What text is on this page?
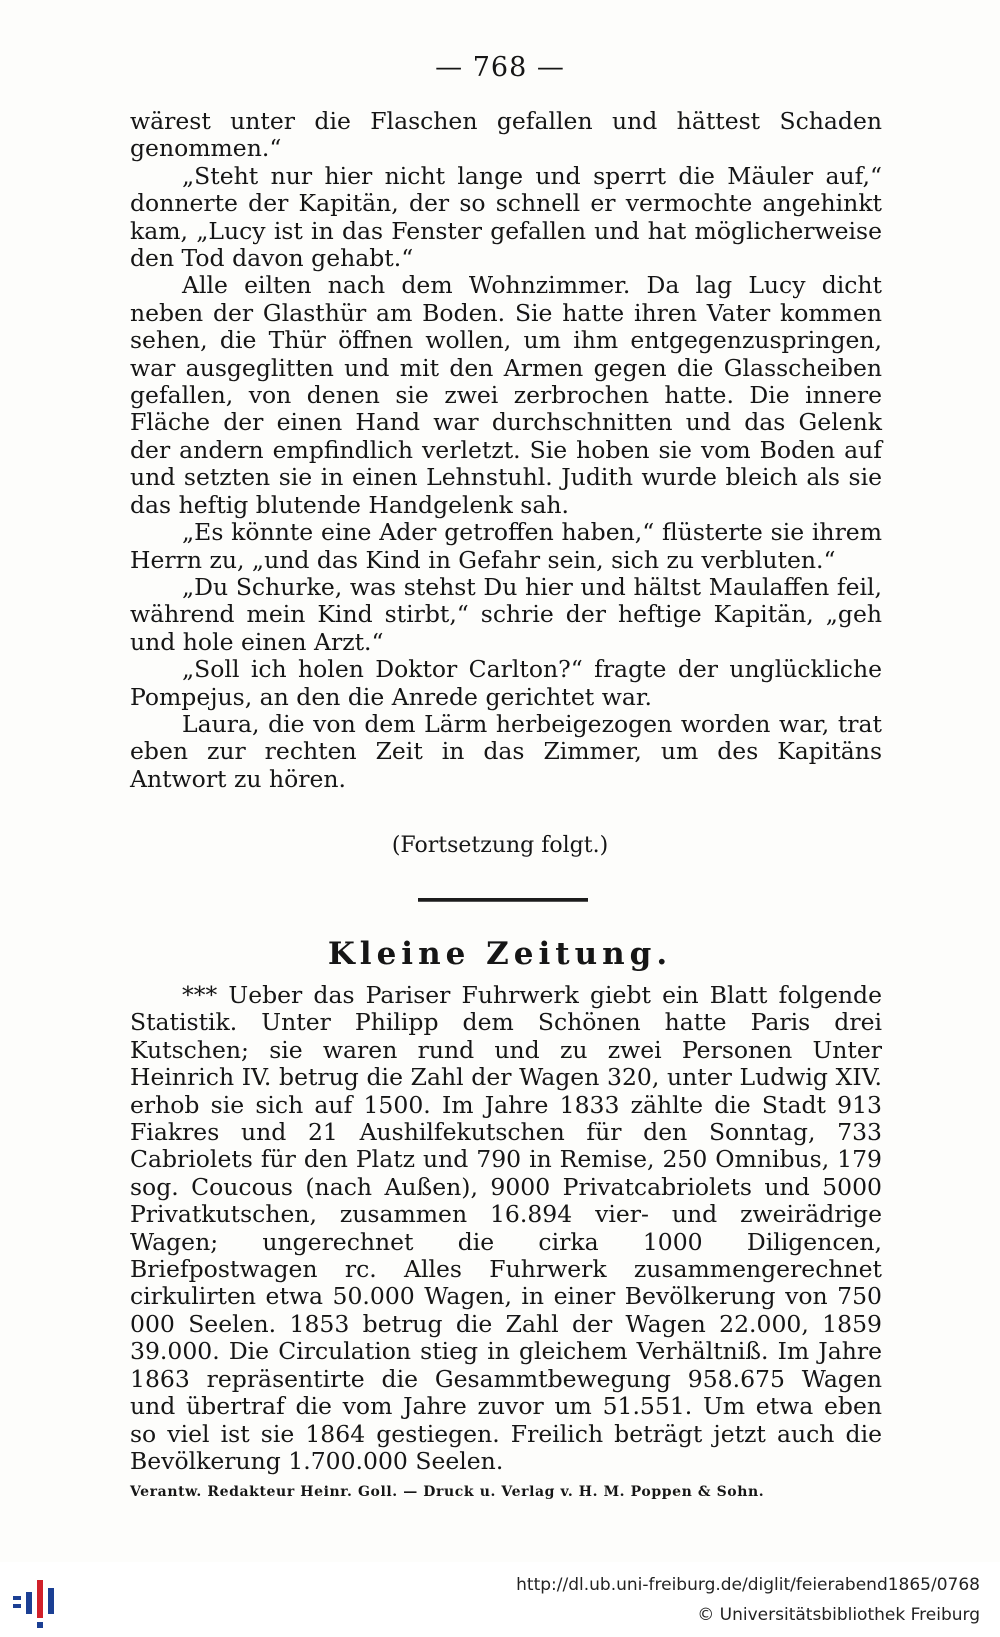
— 768 —

wärest unter die Flaschen gefallen und hättest Schaden genommen.“

„Steht nur hier nicht lange und sperrt die Mäuler auf,“ donnerte der Kapitän, der so schnell er vermochte angehinkt kam, „Lucy ist in das Fenster gefallen und hat möglicherweise den Tod davon gehabt.“

Alle eilten nach dem Wohnzimmer. Da lag Lucy dicht neben der Glasthür am Boden. Sie hatte ihren Vater kommen sehen, die Thür öffnen wollen, um ihm entgegenzuspringen, war ausgeglitten und mit den Armen gegen die Glasscheiben gefallen, von denen sie zwei zerbrochen hatte. Die innere Fläche der einen Hand war durchschnitten und das Gelenk der andern empfindlich verletzt. Sie hoben sie vom Boden auf und setzten sie in einen Lehnstuhl. Judith wurde bleich als sie das heftig blutende Handgelenk sah.

„Es könnte eine Ader getroffen haben,“ flüsterte sie ihrem Herrn zu, „und das Kind in Gefahr sein, sich zu verbluten.“

„Du Schurke, was stehst Du hier und hältst Maulaffen feil, während mein Kind stirbt,“ schrie der heftige Kapitän, „geh und hole einen Arzt.“

„Soll ich holen Doktor Carlton?“ fragte der unglückliche Pompejus, an den die Anrede gerichtet war.

Laura, die von dem Lärm herbeigezogen worden war, trat eben zur rechten Zeit in das Zimmer, um des Kapitäns Antwort zu hören.

(Fortsetzung folgt.)
Kleine Zeitung.

*** Ueber das Pariser Fuhrwerk giebt ein Blatt folgende Statistik. Unter Philipp dem Schönen hatte Paris drei Kutschen; sie waren rund und zu zwei Personen Unter Heinrich IV. betrug die Zahl der Wagen 320, unter Ludwig XIV. erhob sie sich auf 1500. Im Jahre 1833 zählte die Stadt 913 Fiakres und 21 Aushilfekutschen für den Sonntag, 733 Cabriolets für den Platz und 790 in Remise, 250 Omnibus, 179 sog. Coucous (nach Außen), 9000 Privatcabriolets und 5000 Privatkutschen, zusammen 16.894 vier- und zweirädrige Wagen; ungerechnet die cirka 1000 Diligencen, Briefpostwagen rc. Alles Fuhrwerk zusammengerechnet cirkulirten etwa 50.000 Wagen, in einer Bevölkerung von 750 000 Seelen. 1853 betrug die Zahl der Wagen 22.000, 1859 39.000. Die Circulation stieg in gleichem Verhältniß. Im Jahre 1863 repräsentirte die Gesammtbewegung 958.675 Wagen und übertraf die vom Jahre zuvor um 51.551. Um etwa eben so viel ist sie 1864 gestiegen. Freilich beträgt jetzt auch die Bevölkerung 1.700.000 Seelen.

Verantw. Redakteur Heinr. Goll. — Druck u. Verlag v. H. M. Poppen & Sohn.
http://dl.ub.uni-freiburg.de/diglit/feierabend1865/0768
© Universitätsbibliothek Freiburg
